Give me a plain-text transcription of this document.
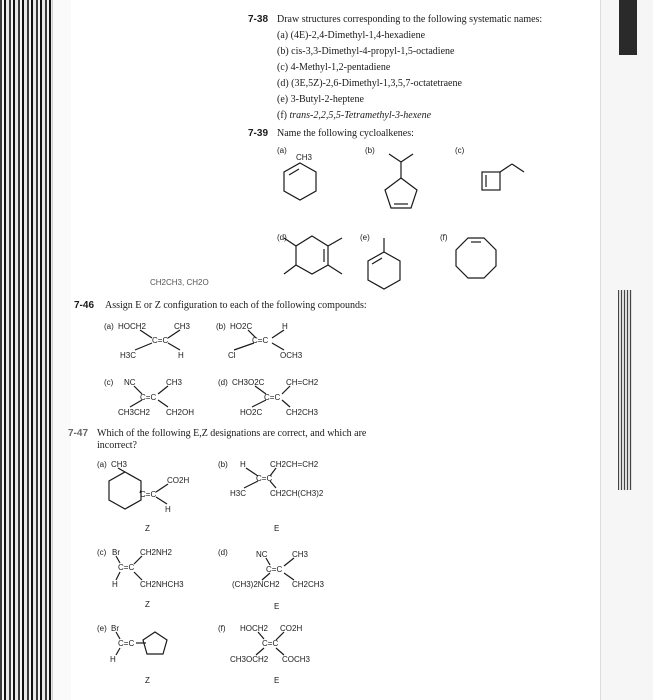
7-38 Draw structures corresponding to the following systematic names:
(a) (4E)-2,4-Dimethyl-1,4-hexadiene
(b) cis-3,3-Dimethyl-4-propyl-1,5-octadiene
(c) 4-Methyl-1,2-pentadiene
(d) (3E,5Z)-2,6-Dimethyl-1,3,5,7-octatetraene
(e) 3-Butyl-2-heptene
(f) trans-2,2,5,5-Tetramethyl-3-hexene
7-39 Name the following cycloalkenes:
(a)	(b)	(c)
CH3
(d)	(e)	(f)
CH2CH3, CH2O
7-46 Assign E or Z configuration to each of the following compounds:
(a) HOCH2	CH3
C=C
H3C	H
(b) HO2C	H
C=C
Cl	OCH3
(c) NC	CH3
C=C
CH3CH2 CH2OH
(d) CH3O2C	CH=CH2
C=C
HO2C	CH2CH3
7-47 Which of the following E,Z designations are correct, and which are
incorrect?
(a) CH3
CO2H
C=C
H
Z
(b) H	CH2CH=CH2
C=C
H3C	CH2CH(CH3)2
E
(c) Br	CH2NH2
C=C
H	CH2NHCH3
Z
(d)	NC	CH3
C=C
(CH3)2NCH2 CH2CH3
E
(e) Br
C=C
H
Z
(f) HOCH2 CO2H
C=C
CH3OCH2 COCH3
E
